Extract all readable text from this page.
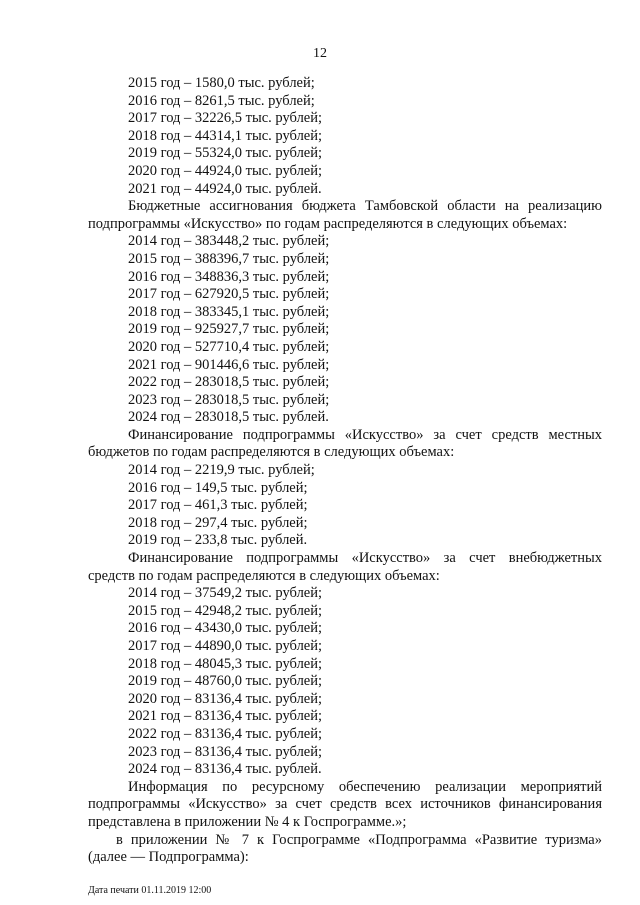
12

2015 год – 1580,0 тыс. рублей;

2016 год – 8261,5 тыс. рублей;

2017 год – 32226,5 тыс. рублей;

2018 год – 44314,1 тыс. рублей;

2019 год – 55324,0 тыс. рублей;

2020 год – 44924,0 тыс. рублей;

2021 год – 44924,0 тыс. рублей.

Бюджетные ассигнования бюджета Тамбовской области на реализацию подпрограммы «Искусство» по годам распределяются в следующих объемах:

2014 год – 383448,2 тыс. рублей;

2015 год – 388396,7 тыс. рублей;

2016 год – 348836,3 тыс. рублей;

2017 год – 627920,5 тыс. рублей;

2018 год – 383345,1 тыс. рублей;

2019 год – 925927,7 тыс. рублей;

2020 год – 527710,4 тыс. рублей;

2021 год – 901446,6 тыс. рублей;

2022 год – 283018,5 тыс. рублей;

2023 год – 283018,5 тыс. рублей;

2024 год – 283018,5 тыс. рублей.

Финансирование подпрограммы «Искусство» за счет средств местных бюджетов по годам распределяются в следующих объемах:

2014 год – 2219,9 тыс. рублей;

2016 год – 149,5 тыс. рублей;

2017 год – 461,3 тыс. рублей;

2018 год – 297,4 тыс. рублей;

2019 год – 233,8 тыс. рублей.

Финансирование подпрограммы «Искусство» за счет внебюджетных средств по годам распределяются в следующих объемах:

2014 год – 37549,2 тыс. рублей;

2015 год – 42948,2 тыс. рублей;

2016 год – 43430,0 тыс. рублей;

2017 год – 44890,0 тыс. рублей;

2018 год – 48045,3 тыс. рублей;

2019 год – 48760,0 тыс. рублей;

2020 год – 83136,4 тыс. рублей;

2021 год – 83136,4 тыс. рублей;

2022 год – 83136,4 тыс. рублей;

2023 год – 83136,4 тыс. рублей;

2024 год – 83136,4 тыс. рублей.

Информация по ресурсному обеспечению реализации мероприятий подпрограммы «Искусство» за счет средств всех источников финансирования представлена в приложении № 4 к Госпрограмме.»;

в приложении № 7 к Госпрограмме «Подпрограмма «Развитие туризма» (далее — Подпрограмма):

Дата печати 01.11.2019 12:00
